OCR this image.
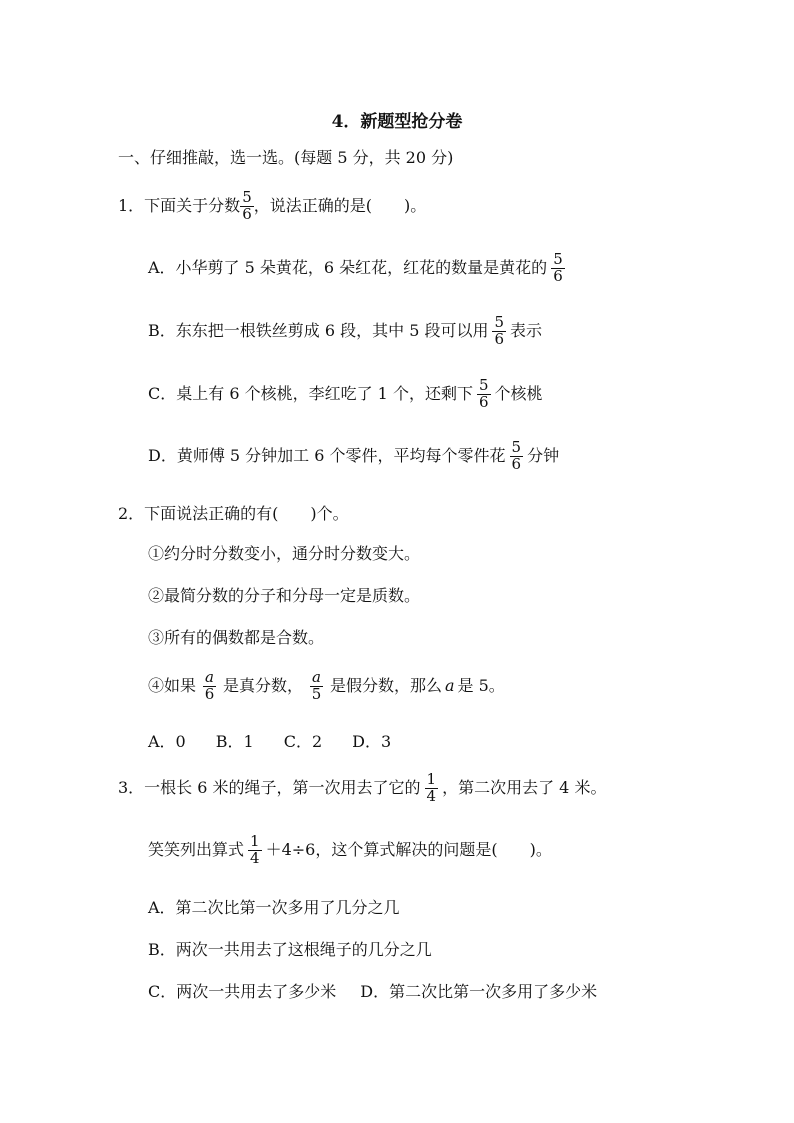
4．新题型抢分卷
一、仔细推敲，选一选。(每题 5 分，共 20 分)
1．下面关于分数 $\frac{5}{6}$ ，说法正确的是(　　)。
A．小华剪了 5 朵黄花，6 朵红花，红花的数量是黄花的 $\frac{5}{6}$
B．东东把一根铁丝剪成 6 段，其中 5 段可以用 $\frac{5}{6}$ 表示
C．桌上有 6 个核桃，李红吃了 1 个，还剩下 $\frac{5}{6}$ 个核桃
D．黄师傅 5 分钟加工 6 个零件，平均每个零件花 $\frac{5}{6}$ 分钟
2．下面说法正确的有(　　)个。
①约分时分数变小，通分时分数变大。
②最简分数的分子和分母一定是质数。
③所有的偶数都是合数。
④如果 $\frac{a}{6}$ 是真分数， $\frac{a}{5}$ 是假分数，那么 a 是 5。
A．0 B．1 C．2 D．3
3．一根长 6 米的绳子，第一次用去了它的 $\frac{1}{4}$ ，第二次用去了 4 米。
笑笑列出算式 $\frac{1}{4} +4\div 6$，这个算式解决的问题是(　　)。
A．第二次比第一次多用了几分之几
B．两次一共用去了这根绳子的几分之几
C．两次一共用去了多少米 D．第二次比第一次多用了多少米
